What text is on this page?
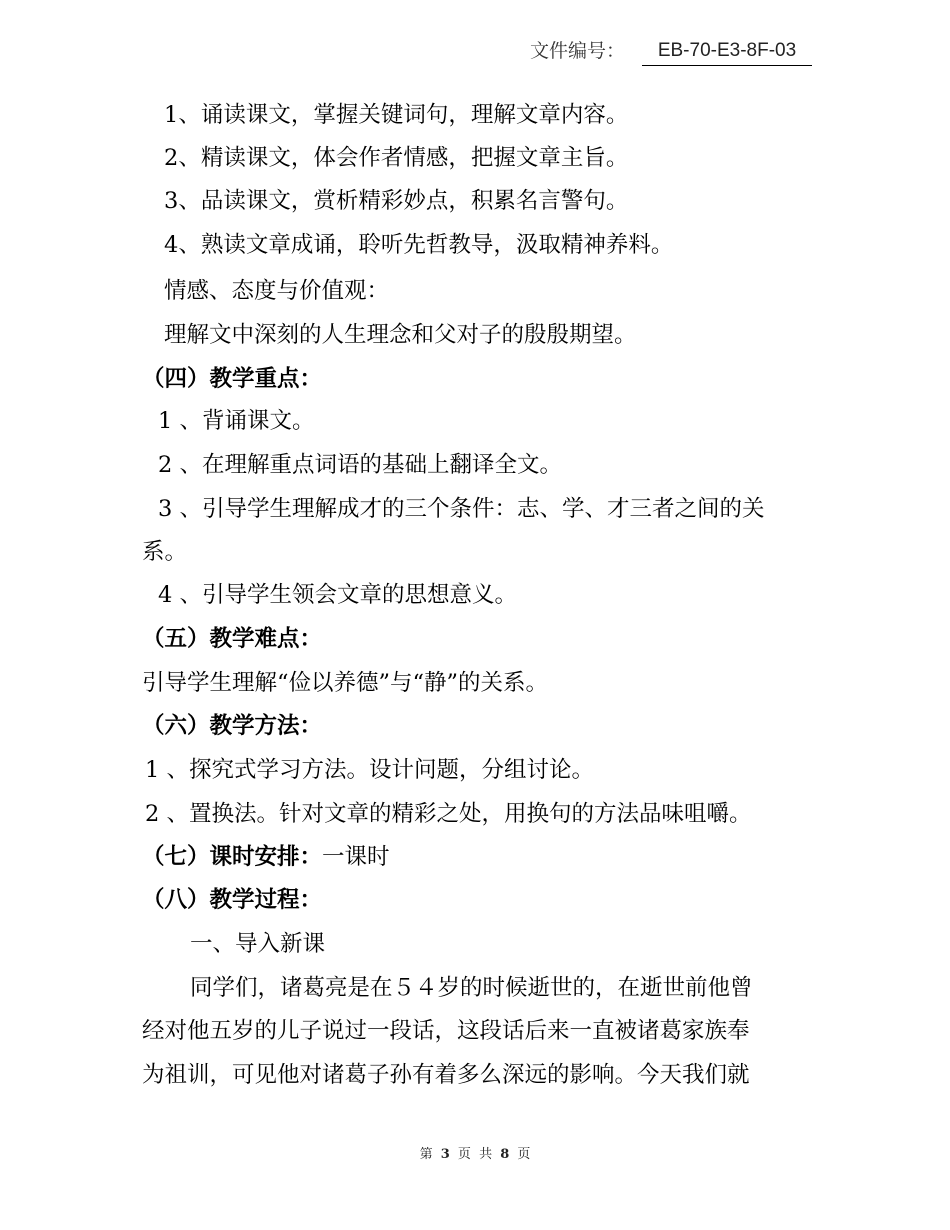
文件编号：	EB-70-E3-8F-03
1、诵读课文，掌握关键词句，理解文章内容。
2、精读课文，体会作者情感，把握文章主旨。
3、品读课文，赏析精彩妙点，积累名言警句。
4、熟读文章成诵，聆听先哲教导，汲取精神养料。
情感、态度与价值观：
理解文中深刻的人生理念和父对子的殷殷期望。
（四）教学重点：
1 、背诵课文。
2 、在理解重点词语的基础上翻译全文。
3 、引导学生理解成才的三个条件：志、学、才三者之间的关
系。
4 、引导学生领会文章的思想意义。
（五）教学难点：
引导学生理解“俭以养德”与“静”的关系。
（六）教学方法：
1 、探究式学习方法。设计问题，分组讨论。
2 、置换法。针对文章的精彩之处，用换句的方法品味咀嚼。
（七）课时安排：一课时
（八）教学过程：
一、导入新课
同学们，诸葛亮是在５４岁的时候逝世的，在逝世前他曾
经对他五岁的儿子说过一段话，这段话后来一直被诸葛家族奉
为祖训，可见他对诸葛子孙有着多么深远的影响。今天我们就
第 3 页 共 8 页
